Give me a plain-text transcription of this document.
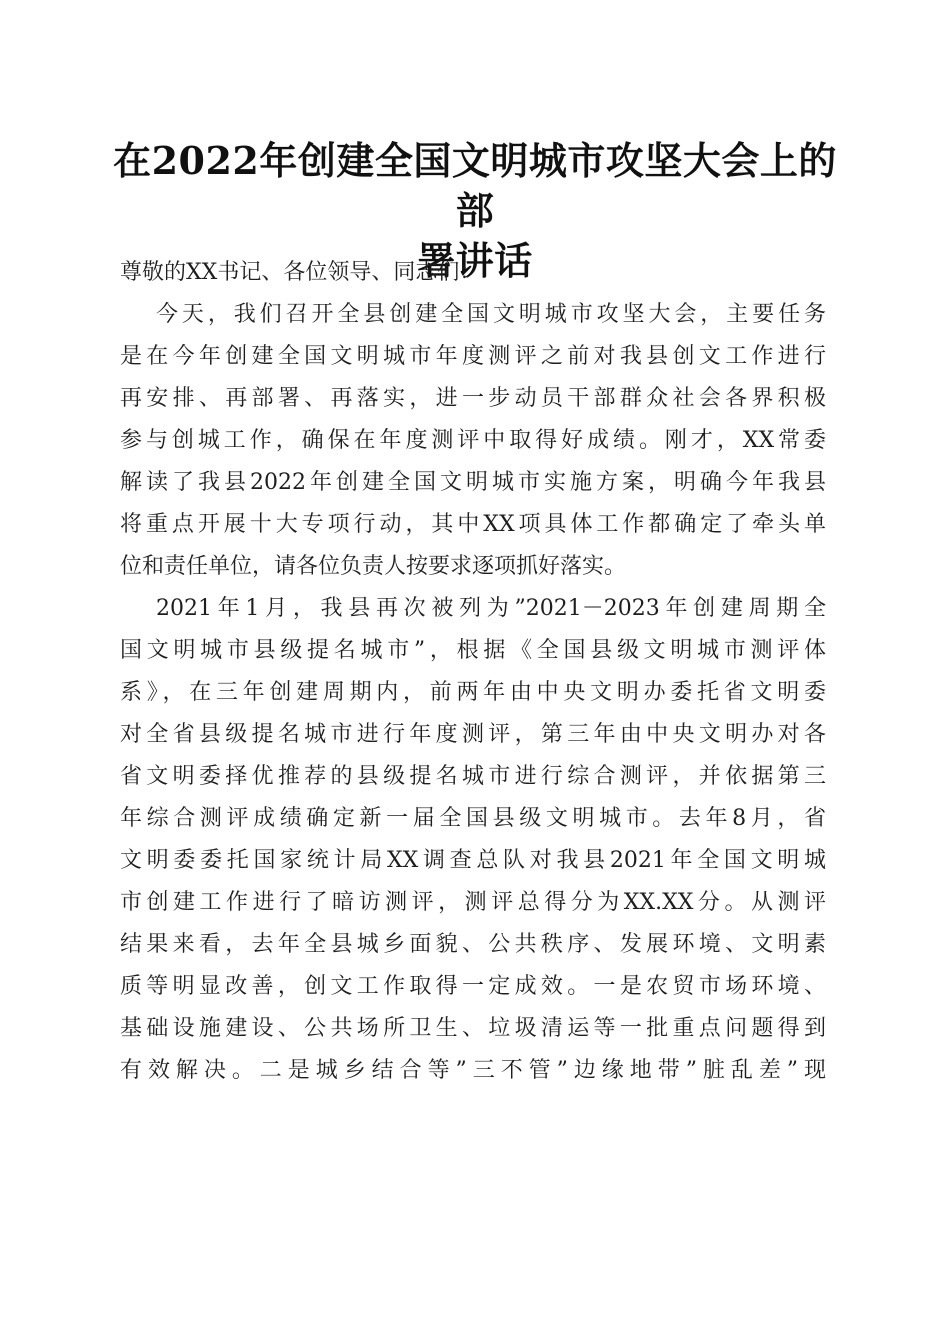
在2022年创建全国文明城市攻坚大会上的部
署讲话

尊敬的XX书记、各位领导、同志们：

今天，我们召开全县创建全国文明城市攻坚大会，主要任务
是在今年创建全国文明城市年度测评之前对我县创文工作进行
再安排、再部署、再落实，进一步动员干部群众社会各界积极
参与创城工作，确保在年度测评中取得好成绩。刚才，XX常委
解读了我县2022年创建全国文明城市实施方案，明确今年我县
将重点开展十大专项行动，其中XX项具体工作都确定了牵头单
位和责任单位，请各位负责人按要求逐项抓好落实。

2021年1月，我县再次被列为”2021－2023年创建周期全
国文明城市县级提名城市”，根据《全国县级文明城市测评体
系》，在三年创建周期内，前两年由中央文明办委托省文明委
对全省县级提名城市进行年度测评，第三年由中央文明办对各
省文明委择优推荐的县级提名城市进行综合测评，并依据第三
年综合测评成绩确定新一届全国县级文明城市。去年8月，省
文明委委托国家统计局XX调查总队对我县2021年全国文明城
市创建工作进行了暗访测评，测评总得分为XX.XX分。从测评
结果来看，去年全县城乡面貌、公共秩序、发展环境、文明素
质等明显改善，创文工作取得一定成效。一是农贸市场环境、
基础设施建设、公共场所卫生、垃圾清运等一批重点问题得到
有效解决。二是城乡结合等”三不管”边缘地带”脏乱差”现
